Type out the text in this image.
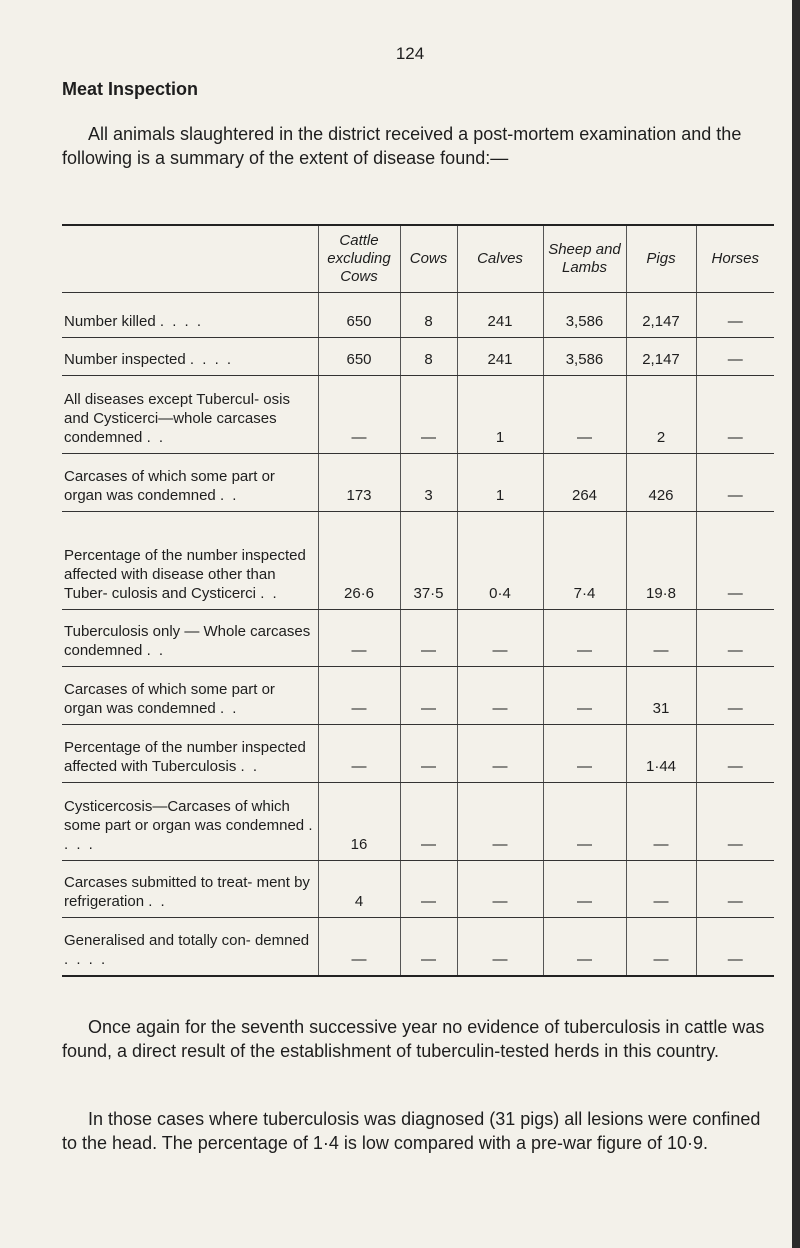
124
Meat Inspection
All animals slaughtered in the district received a post-mortem examination and the following is a summary of the extent of disease found:—
	Cattle excluding Cows	Cows	Calves	Sheep and Lambs	Pigs	Horses
Number killed . . . .	650	8	241	3,586	2,147	—
Number inspected . . . .	650	8	241	3,586	2,147	—
All diseases except Tubercul- osis and Cysticerci—whole carcases condemned . .	—	—	1	—	2	—
Carcases of which some part or organ was condemned . .	173	3	1	264	426	—
Percentage of the number inspected affected with disease other than Tuber- culosis and Cysticerci . .	26·6	37·5	0·4	7·4	19·8	—
Tuberculosis only — Whole carcases condemned . .	—	—	—	—	—	—
Carcases of which some part or organ was condemned . .	—	—	—	—	31	—
Percentage of the number inspected affected with Tuberculosis . .	—	—	—	—	1·44	—
Cysticercosis—Carcases of which some part or organ was condemned . . . .	16	—	—	—	—	—
Carcases submitted to treat- ment by refrigeration . .	4	—	—	—	—	—
Generalised and totally con- demned . . . .	—	—	—	—	—	—
Once again for the seventh successive year no evidence of tuberculosis in cattle was found, a direct result of the establishment of tuberculin-tested herds in this country.
In those cases where tuberculosis was diagnosed (31 pigs) all lesions were confined to the head. The percentage of 1·4 is low compared with a pre-war figure of 10·9.
